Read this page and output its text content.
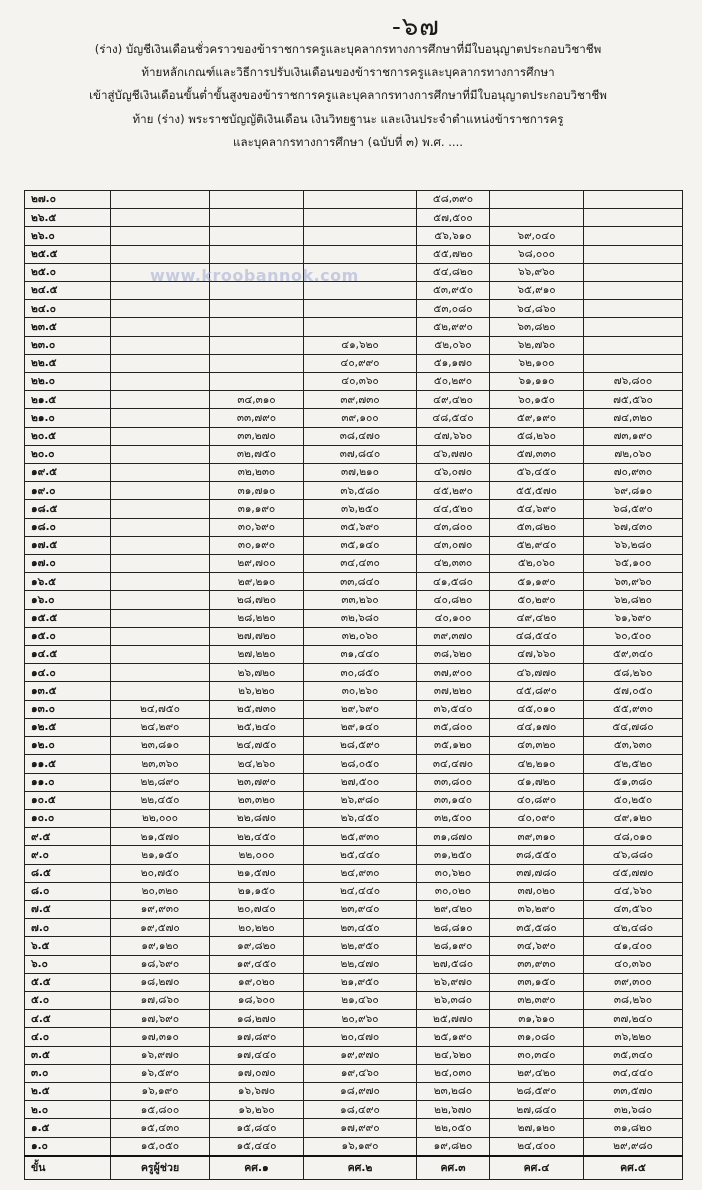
-๖๗
(ร่าง) บัญชีเงินเดือนชั่วคราวของข้าราชการครูและบุคลากรทางการศึกษาที่มีใบอนุญาตประกอบวิชาชีพ
ท้ายหลักเกณฑ์และวิธีการปรับเงินเดือนของข้าราชการครูและบุคลากรทางการศึกษา
เข้าสู่บัญชีเงินเดือนขั้นต่ำขั้นสูงของข้าราชการครูและบุคลากรทางการศึกษาที่มีใบอนุญาตประกอบวิชาชีพ
ท้าย (ร่าง) พระราชบัญญัติเงินเดือน เงินวิทยฐานะ และเงินประจำตำแหน่งข้าราชการครู
และบุคลากรทางการศึกษา (ฉบับที่ ๓) พ.ศ. ....
๒๗.๐				๕๘,๓๙๐		
๒๖.๕				๕๗,๕๐๐		
๒๖.๐				๕๖,๖๑๐	๖๙,๐๔๐	
๒๕.๕				๕๕,๗๒๐	๖๘,๐๐๐	
๒๕.๐				๕๔,๘๒๐	๖๖,๙๖๐	
๒๔.๕				๕๓,๙๕๐	๖๕,๙๑๐	
๒๔.๐				๕๓,๐๘๐	๖๔,๘๖๐	
๒๓.๕				๕๒,๙๙๐	๖๓,๘๒๐	
๒๓.๐			๔๑,๖๒๐	๕๒,๐๖๐	๖๒,๗๖๐	
๒๒.๕			๔๐,๙๙๐	๕๑,๑๗๐	๖๒,๑๐๐	
๒๒.๐			๔๐,๓๖๐	๕๐,๒๙๐	๖๑,๑๑๐	๗๖,๘๐๐
๒๑.๕		๓๔,๓๑๐	๓๙,๗๓๐	๔๙,๔๒๐	๖๐,๑๕๐	๗๕,๕๖๐
๒๑.๐		๓๓,๗๙๐	๓๙,๑๐๐	๔๘,๕๔๐	๕๙,๑๙๐	๗๔,๓๒๐
๒๐.๕		๓๓,๒๗๐	๓๘,๔๗๐	๔๗,๖๖๐	๕๘,๒๖๐	๗๓,๑๙๐
๒๐.๐		๓๒,๗๕๐	๓๗,๘๔๐	๔๖,๗๗๐	๕๗,๓๓๐	๗๒,๐๖๐
๑๙.๕		๓๒,๒๓๐	๓๗,๒๑๐	๔๖,๐๗๐	๕๖,๔๕๐	๗๐,๙๓๐
๑๙.๐		๓๑,๗๑๐	๓๖,๕๘๐	๔๕,๒๙๐	๕๕,๕๗๐	๖๙,๘๑๐
๑๘.๕		๓๑,๑๙๐	๓๖,๒๕๐	๔๔,๕๒๐	๕๔,๖๙๐	๖๘,๕๙๐
๑๘.๐		๓๐,๖๙๐	๓๕,๖๙๐	๔๓,๘๐๐	๕๓,๘๒๐	๖๗,๔๓๐
๑๗.๕		๓๐,๑๙๐	๓๕,๑๔๐	๔๓,๐๗๐	๕๒,๙๔๐	๖๖,๒๘๐
๑๗.๐		๒๙,๗๐๐	๓๔,๔๓๐	๔๒,๓๓๐	๕๒,๐๖๐	๖๕,๑๐๐
๑๖.๕		๒๙,๒๑๐	๓๓,๘๔๐	๔๑,๕๘๐	๕๑,๑๙๐	๖๓,๙๖๐
๑๖.๐		๒๘,๗๒๐	๓๓,๒๖๐	๔๐,๘๒๐	๕๐,๒๙๐	๖๒,๘๒๐
๑๕.๕		๒๘,๒๒๐	๓๒,๖๘๐	๔๐,๑๐๐	๔๙,๔๒๐	๖๑,๖๙๐
๑๕.๐		๒๗,๗๒๐	๓๒,๐๖๐	๓๙,๓๗๐	๔๘,๕๔๐	๖๐,๕๐๐
๑๔.๕		๒๗,๒๒๐	๓๑,๔๔๐	๓๘,๖๒๐	๔๗,๖๖๐	๕๙,๓๔๐
๑๔.๐		๒๖,๗๒๐	๓๐,๘๕๐	๓๗,๙๐๐	๔๖,๗๗๐	๕๘,๒๖๐
๑๓.๕		๒๖,๒๒๐	๓๐,๒๖๐	๓๗,๒๒๐	๔๕,๘๙๐	๕๗,๐๕๐
๑๓.๐	๒๔,๗๕๐	๒๕,๗๓๐	๒๙,๖๙๐	๓๖,๕๔๐	๔๕,๐๑๐	๕๕,๙๓๐
๑๒.๕	๒๔,๒๙๐	๒๕,๒๔๐	๒๙,๑๔๐	๓๕,๘๐๐	๔๔,๑๗๐	๕๔,๗๘๐
๑๒.๐	๒๓,๘๑๐	๒๔,๗๕๐	๒๘,๕๙๐	๓๕,๑๒๐	๔๓,๓๒๐	๕๓,๖๓๐
๑๑.๕	๒๓,๓๖๐	๒๔,๒๖๐	๒๘,๐๕๐	๓๔,๔๗๐	๔๒,๒๑๐	๕๒,๕๒๐
๑๑.๐	๒๒,๘๙๐	๒๓,๗๙๐	๒๗,๕๐๐	๓๓,๘๐๐	๔๑,๗๒๐	๕๑,๓๘๐
๑๐.๕	๒๒,๔๕๐	๒๓,๓๒๐	๒๖,๙๘๐	๓๓,๑๔๐	๔๐,๘๙๐	๕๐,๒๕๐
๑๐.๐	๒๒,๐๐๐	๒๒,๘๗๐	๒๖,๔๕๐	๓๒,๕๐๐	๔๐,๐๙๐	๔๙,๑๒๐
๙.๕	๒๑,๕๗๐	๒๒,๔๕๐	๒๕,๙๓๐	๓๑,๘๗๐	๓๙,๓๑๐	๔๘,๐๑๐
๙.๐	๒๑,๑๕๐	๒๒,๐๐๐	๒๕,๔๔๐	๓๑,๒๕๐	๓๘,๕๕๐	๔๖,๘๘๐
๘.๕	๒๐,๗๕๐	๒๑,๕๗๐	๒๔,๙๓๐	๓๐,๖๒๐	๓๗,๗๘๐	๔๕,๗๗๐
๘.๐	๒๐,๓๒๐	๒๑,๑๕๐	๒๔,๔๔๐	๓๐,๐๒๐	๓๗,๐๒๐	๔๔,๖๖๐
๗.๕	๑๙,๙๓๐	๒๐,๗๔๐	๒๓,๙๔๐	๒๙,๔๒๐	๓๖,๒๙๐	๔๓,๕๖๐
๗.๐	๑๙,๕๗๐	๒๐,๒๒๐	๒๓,๔๕๐	๒๘,๘๑๐	๓๕,๕๘๐	๔๒,๔๘๐
๖.๕	๑๙,๑๒๐	๑๙,๘๒๐	๒๒,๙๕๐	๒๘,๑๙๐	๓๔,๖๙๐	๔๑,๔๐๐
๖.๐	๑๘,๖๙๐	๑๙,๔๕๐	๒๒,๔๗๐	๒๗,๕๘๐	๓๓,๙๓๐	๔๐,๓๖๐
๕.๕	๑๘,๒๗๐	๑๙,๐๒๐	๒๑,๙๕๐	๒๖,๙๗๐	๓๓,๑๕๐	๓๙,๓๐๐
๕.๐	๑๗,๘๖๐	๑๘,๖๐๐	๒๑,๔๖๐	๒๖,๓๘๐	๓๒,๓๙๐	๓๘,๒๖๐
๔.๕	๑๗,๖๙๐	๑๘,๒๗๐	๒๐,๙๖๐	๒๕,๗๗๐	๓๑,๖๑๐	๓๗,๒๔๐
๔.๐	๑๗,๓๑๐	๑๗,๘๙๐	๒๐,๔๗๐	๒๕,๑๙๐	๓๑,๐๘๐	๓๖,๒๒๐
๓.๕	๑๖,๙๗๐	๑๗,๔๔๐	๑๙,๙๗๐	๒๔,๖๒๐	๓๐,๓๔๐	๓๕,๓๔๐
๓.๐	๑๖,๕๙๐	๑๗,๐๗๐	๑๙,๔๖๐	๒๔,๐๓๐	๒๙,๔๒๐	๓๔,๔๔๐
๒.๕	๑๖,๑๙๐	๑๖,๖๗๐	๑๘,๙๗๐	๒๓,๒๘๐	๒๘,๕๙๐	๓๓,๕๗๐
๒.๐	๑๕,๘๐๐	๑๖,๒๖๐	๑๘,๔๙๐	๒๒,๖๗๐	๒๗,๘๔๐	๓๒,๖๘๐
๑.๕	๑๕,๔๓๐	๑๕,๘๔๐	๑๗,๙๙๐	๒๒,๐๕๐	๒๗,๑๒๐	๓๑,๘๒๐
๑.๐	๑๕,๐๕๐	๑๕,๔๔๐	๑๖,๑๙๐	๑๙,๘๒๐	๒๔,๔๐๐	๒๙,๙๘๐
ขั้น	ครูผู้ช่วย	คศ.๑	คศ.๒	คศ.๓	คศ.๔	คศ.๕
www.kroobannok.com
